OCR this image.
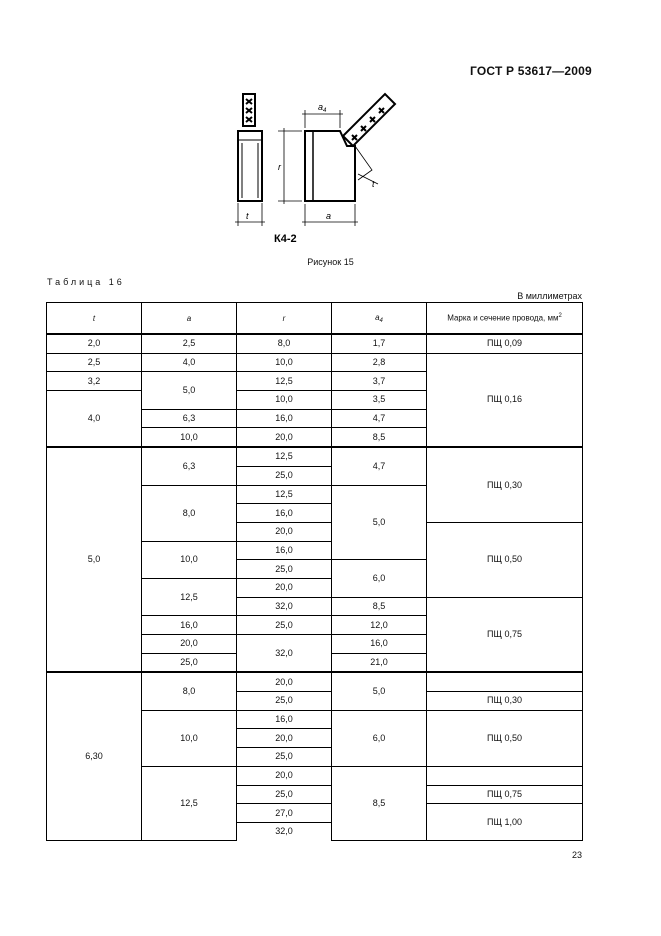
ГОСТ Р 53617—2009
t
$a_4$
r
a
t
К4-2
Рисунок 15
Таблица 16
В миллиметрах
t	a	r	$a_4$	Марка и сечение провода, $мм^2$
2,0	2,5	8,0	1,7	ПЩ 0,09
2,5	4,0	10,0	2,8	ПЩ 0,16
3,2	5,0	12,5	3,7	
4,0		10,0	3,5	
	6,3	16,0	4,7	
	10,0	20,0	8,5	
5,0	6,3	12,5	4,7	ПЩ 0,30
		25,0		
	8,0	12,5	5,0	
		16,0		
		20,0		ПЩ 0,50
	10,0	16,0		
		25,0	6,0	
	12,5	20,0		
		32,0	8,5	ПЩ 0,75
	16,0	25,0	12,0	
	20,0	32,0	16,0	
	25,0		21,0	
6,30	8,0	20,0	5,0	
		25,0		ПЩ 0,30
	10,0	16,0	6,0	ПЩ 0,50
		20,0		
		25,0		
	12,5	20,0	8,5	
		25,0		ПЩ 0,75
		27,0		ПЩ 1,00
		32,0		
23
